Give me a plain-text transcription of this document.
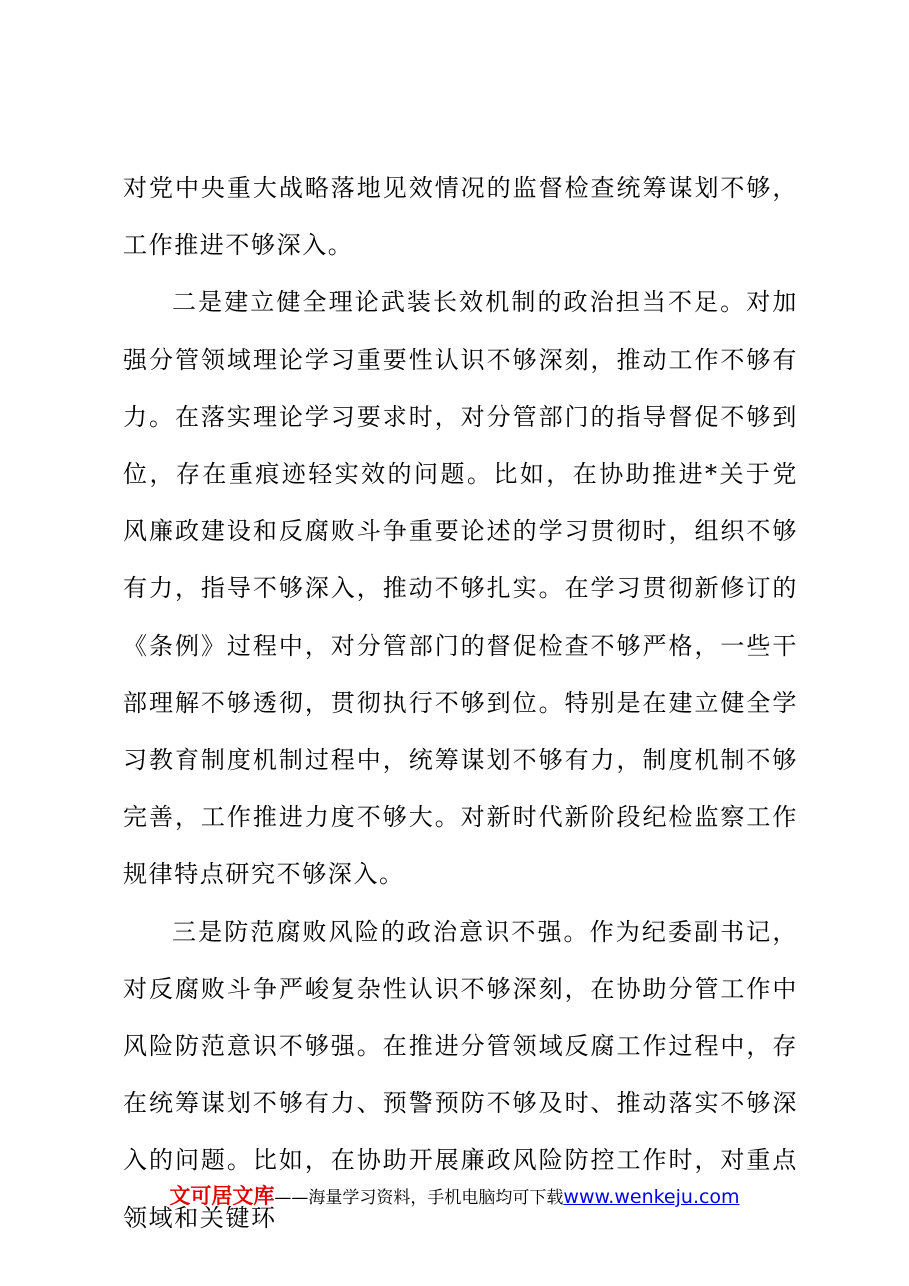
对党中央重大战略落地见效情况的监督检查统筹谋划不够，工作推进不够深入。

二是建立健全理论武装长效机制的政治担当不足。对加强分管领域理论学习重要性认识不够深刻，推动工作不够有力。在落实理论学习要求时，对分管部门的指导督促不够到位，存在重痕迹轻实效的问题。比如，在协助推进*关于党风廉政建设和反腐败斗争重要论述的学习贯彻时，组织不够有力，指导不够深入，推动不够扎实。在学习贯彻新修订的《条例》过程中，对分管部门的督促检查不够严格，一些干部理解不够透彻，贯彻执行不够到位。特别是在建立健全学习教育制度机制过程中，统筹谋划不够有力，制度机制不够完善，工作推进力度不够大。对新时代新阶段纪检监察工作规律特点研究不够深入。

三是防范腐败风险的政治意识不强。作为纪委副书记，对反腐败斗争严峻复杂性认识不够深刻，在协助分管工作中风险防范意识不够强。在推进分管领域反腐工作过程中，存在统筹谋划不够有力、预警预防不够及时、推动落实不够深入的问题。比如，在协助开展廉政风险防控工作时，对重点领域和关键环

文可居文库——海量学习资料，手机电脑均可下载www.wenkeju.com
